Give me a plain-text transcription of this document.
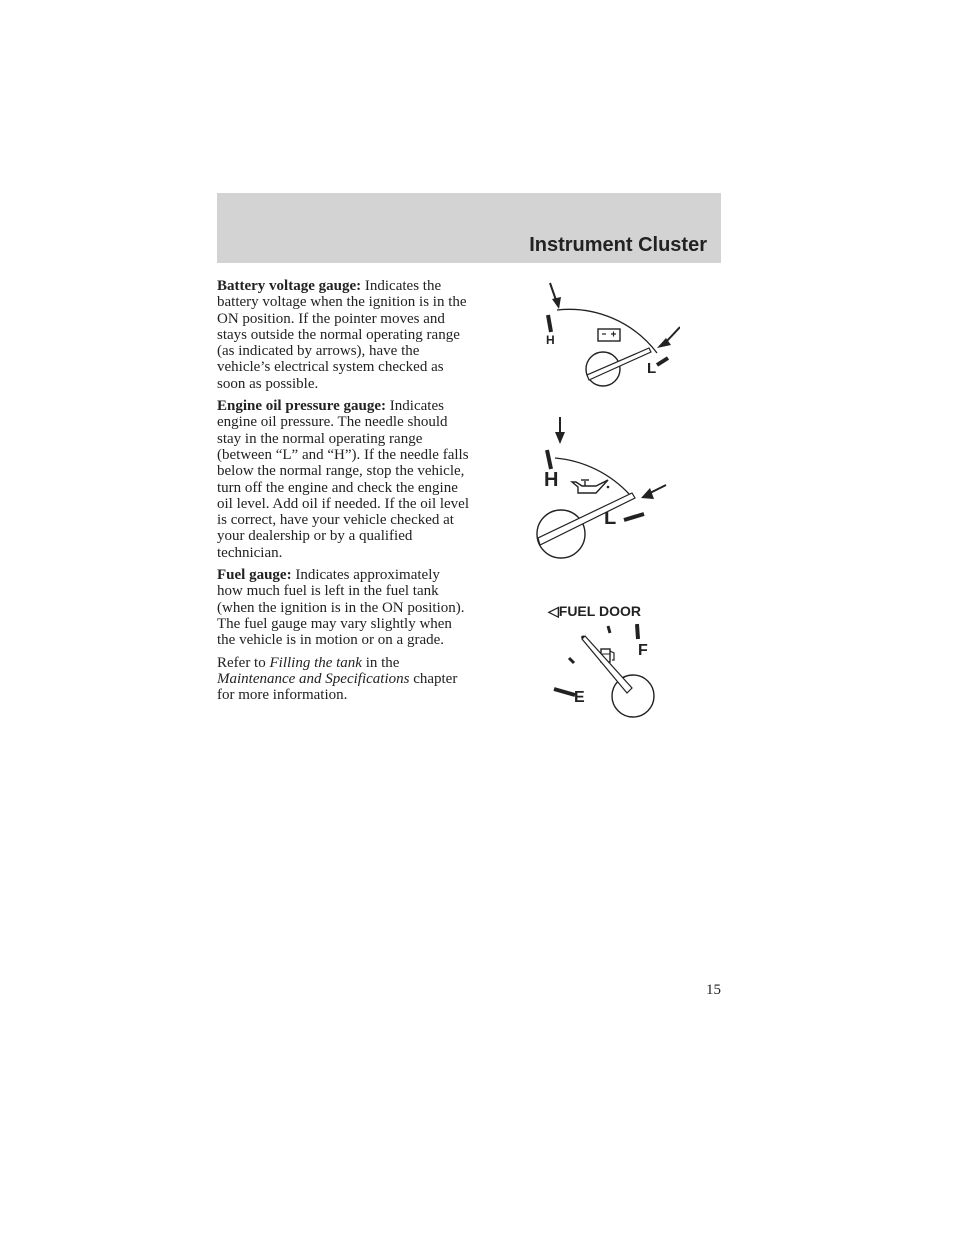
Instrument Cluster

Battery voltage gauge: Indicates the battery voltage when the ignition is in the ON position. If the pointer moves and stays outside the normal operating range (as indicated by arrows), have the vehicle’s electrical system checked as soon as possible.

Engine oil pressure gauge: Indicates engine oil pressure. The needle should stay in the normal operating range (between “L” and “H”). If the needle falls below the normal range, stop the vehicle, turn off the engine and check the engine oil level. Add oil if needed. If the oil level is correct, have your vehicle checked at your dealership or by a qualified technician.

Fuel gauge: Indicates approximately how much fuel is left in the fuel tank (when the ignition is in the ON position). The fuel gauge may vary slightly when the vehicle is in motion or on a grade.

Refer to Filling the tank in the Maintenance and Specifications chapter for more information.

H
L
H
L
◁FUEL DOOR
E
F
15
